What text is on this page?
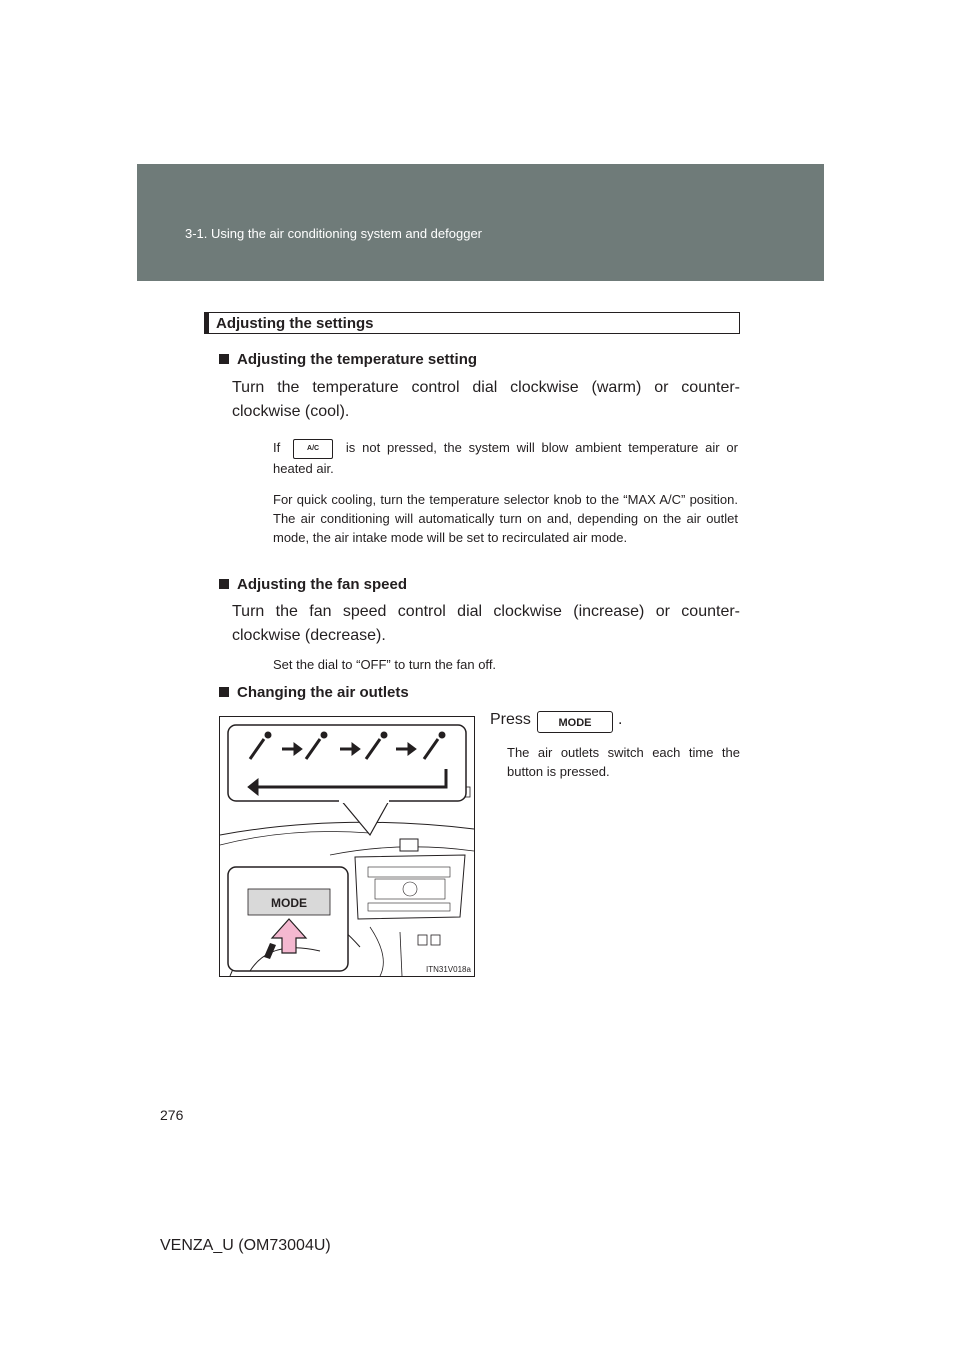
3-1. Using the air conditioning system and defogger
Adjusting the settings
Adjusting the temperature setting
Turn the temperature control dial clockwise (warm) or counter-clockwise (cool).
If	A/C is not pressed, the system will blow ambient temperature air or heated air.
For quick cooling, turn the temperature selector knob to the “MAX A/C” position. The air conditioning will automatically turn on and, depending on the air outlet mode, the air intake mode will be set to recirculated air mode.
Adjusting the fan speed
Turn the fan speed control dial clockwise (increase) or counter-clockwise (decrease).
Set the dial to “OFF” to turn the fan off.
Changing the air outlets
MODE
ITN31V018a
Press	MODE	.
The air outlets switch each time the button is pressed.
276
VENZA_U (OM73004U)
